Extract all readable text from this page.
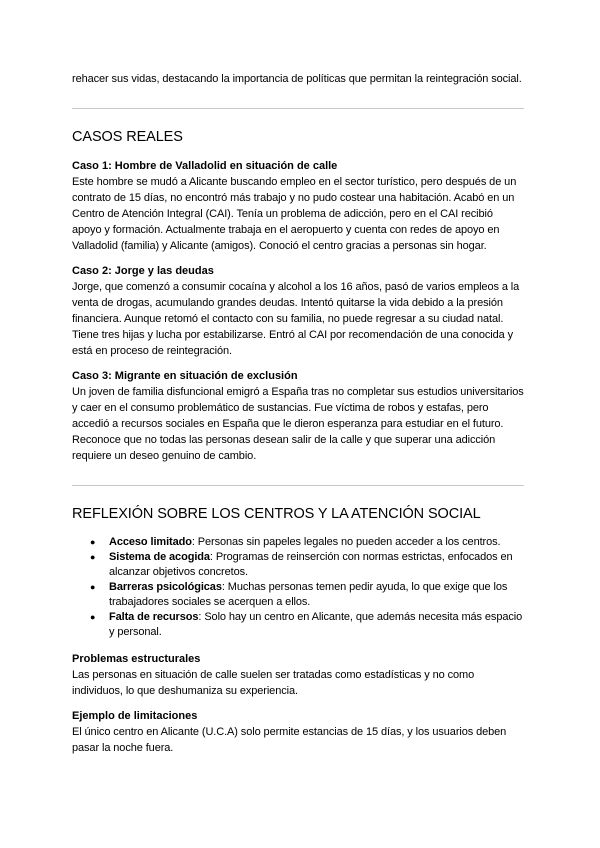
rehacer sus vidas, destacando la importancia de políticas que permitan la reintegración social.

CASOS REALES
Caso 1: Hombre de Valladolid en situación de calle

Este hombre se mudó a Alicante buscando empleo en el sector turístico, pero después de un contrato de 15 días, no encontró más trabajo y no pudo costear una habitación. Acabó en un Centro de Atención Integral (CAI). Tenía un problema de adicción, pero en el CAI recibió apoyo y formación. Actualmente trabaja en el aeropuerto y cuenta con redes de apoyo en Valladolid (familia) y Alicante (amigos). Conoció el centro gracias a personas sin hogar.

Caso 2: Jorge y las deudas

Jorge, que comenzó a consumir cocaína y alcohol a los 16 años, pasó de varios empleos a la venta de drogas, acumulando grandes deudas. Intentó quitarse la vida debido a la presión financiera. Aunque retomó el contacto con su familia, no puede regresar a su ciudad natal. Tiene tres hijas y lucha por estabilizarse. Entró al CAI por recomendación de una conocida y está en proceso de reintegración.

Caso 3: Migrante en situación de exclusión

Un joven de familia disfuncional emigró a España tras no completar sus estudios universitarios y caer en el consumo problemático de sustancias. Fue víctima de robos y estafas, pero accedió a recursos sociales en España que le dieron esperanza para estudiar en el futuro. Reconoce que no todas las personas desean salir de la calle y que superar una adicción requiere un deseo genuino de cambio.

REFLEXIÓN SOBRE LOS CENTROS Y LA ATENCIÓN SOCIAL
● Acceso limitado: Personas sin papeles legales no pueden acceder a los centros.
● Sistema de acogida: Programas de reinserción con normas estrictas, enfocados en alcanzar objetivos concretos.
● Barreras psicológicas: Muchas personas temen pedir ayuda, lo que exige que los trabajadores sociales se acerquen a ellos.
● Falta de recursos: Solo hay un centro en Alicante, que además necesita más espacio y personal.
Problemas estructurales

Las personas en situación de calle suelen ser tratadas como estadísticas y no como individuos, lo que deshumaniza su experiencia.

Ejemplo de limitaciones

El único centro en Alicante (U.C.A) solo permite estancias de 15 días, y los usuarios deben pasar la noche fuera.
